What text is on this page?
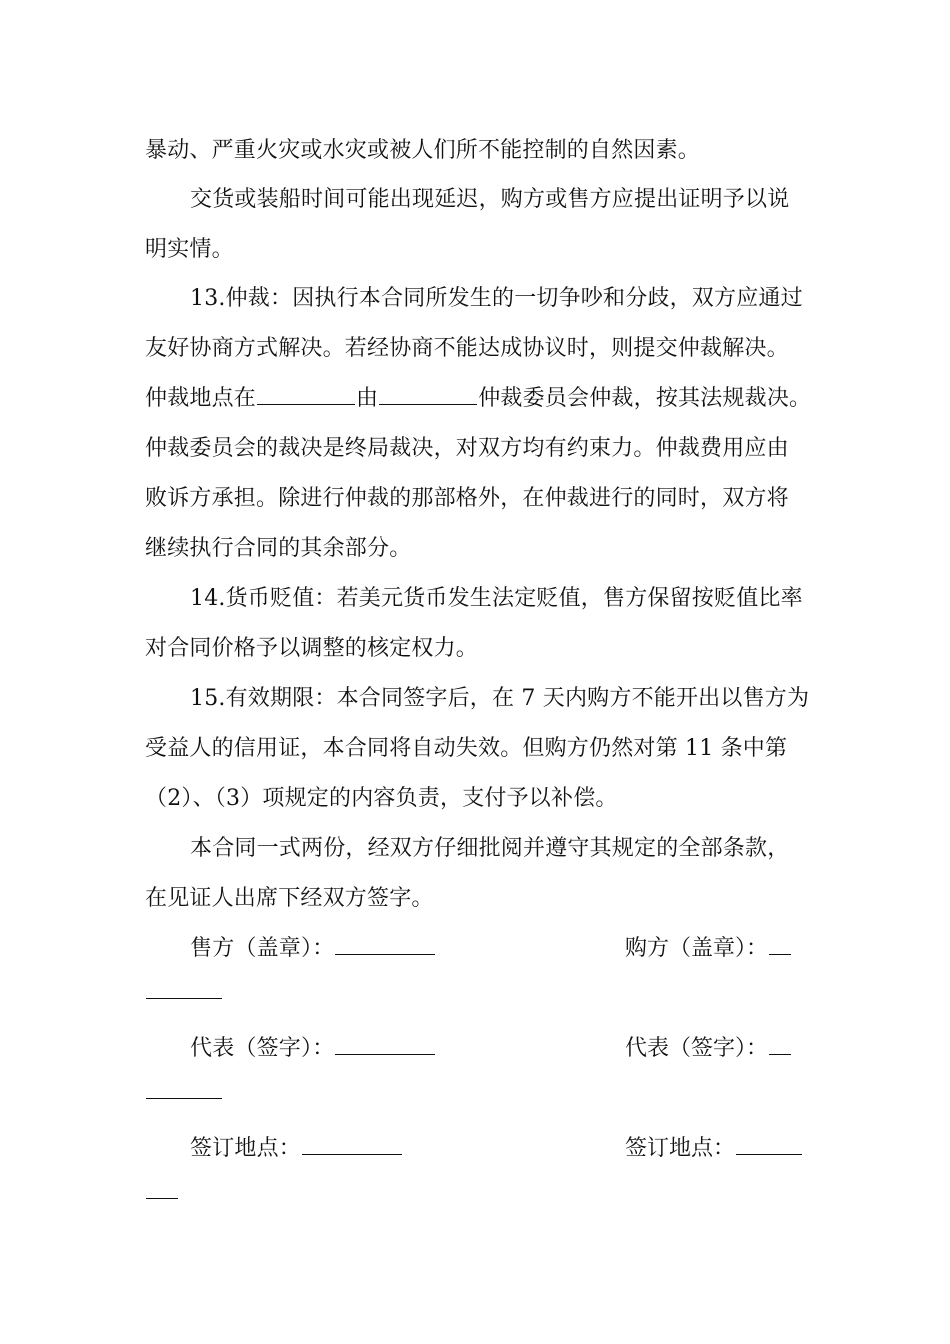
暴动、严重火灾或水灾或被人们所不能控制的自然因素。
交货或装船时间可能出现延迟，购方或售方应提出证明予以说
明实情。
13.仲裁：因执行本合同所发生的一切争吵和分歧，双方应通过
友好协商方式解决。若经协商不能达成协议时，则提交仲裁解决。
仲裁地点在	由	仲裁委员会仲裁，按其法规裁决。
仲裁委员会的裁决是终局裁决，对双方均有约束力。仲裁费用应由
败诉方承担。除进行仲裁的那部格外，在仲裁进行的同时，双方将
继续执行合同的其余部分。
14.货币贬值：若美元货币发生法定贬值，售方保留按贬值比率
对合同价格予以调整的核定权力。
15.有效期限：本合同签字后，在 7 天内购方不能开出以售方为
受益人的信用证，本合同将自动失效。但购方仍然对第 11 条中第
（2）、（3）项规定的内容负责，支付予以补偿。
本合同一式两份，经双方仔细批阅并遵守其规定的全部条款，
在见证人出席下经双方签字。
售方（盖章）：	购方（盖章）：
代表（签字）：	代表（签字）：
签订地点：	签订地点：
